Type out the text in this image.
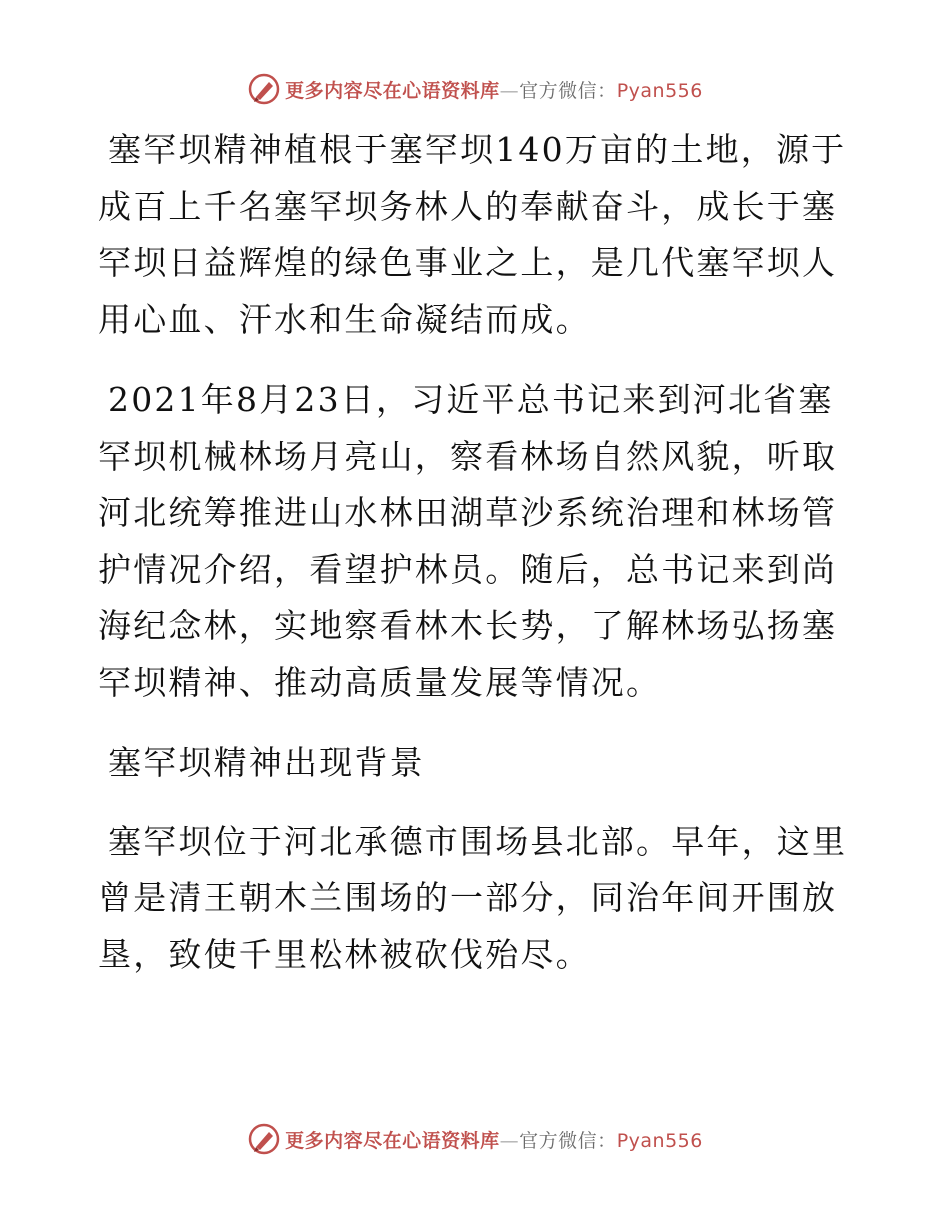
更多内容尽在心语资料库—官方微信：Pyan556

塞罕坝精神植根于塞罕坝140万亩的土地，源于成百上千名塞罕坝务林人的奉献奋斗，成长于塞罕坝日益辉煌的绿色事业之上，是几代塞罕坝人用心血、汗水和生命凝结而成。

2021年8月23日，习近平总书记来到河北省塞罕坝机械林场月亮山，察看林场自然风貌，听取河北统筹推进山水林田湖草沙系统治理和林场管护情况介绍，看望护林员。随后，总书记来到尚海纪念林，实地察看林木长势，了解林场弘扬塞罕坝精神、推动高质量发展等情况。

塞罕坝精神出现背景

塞罕坝位于河北承德市围场县北部。早年，这里曾是清王朝木兰围场的一部分，同治年间开围放垦，致使千里松林被砍伐殆尽。

更多内容尽在心语资料库—官方微信：Pyan556
